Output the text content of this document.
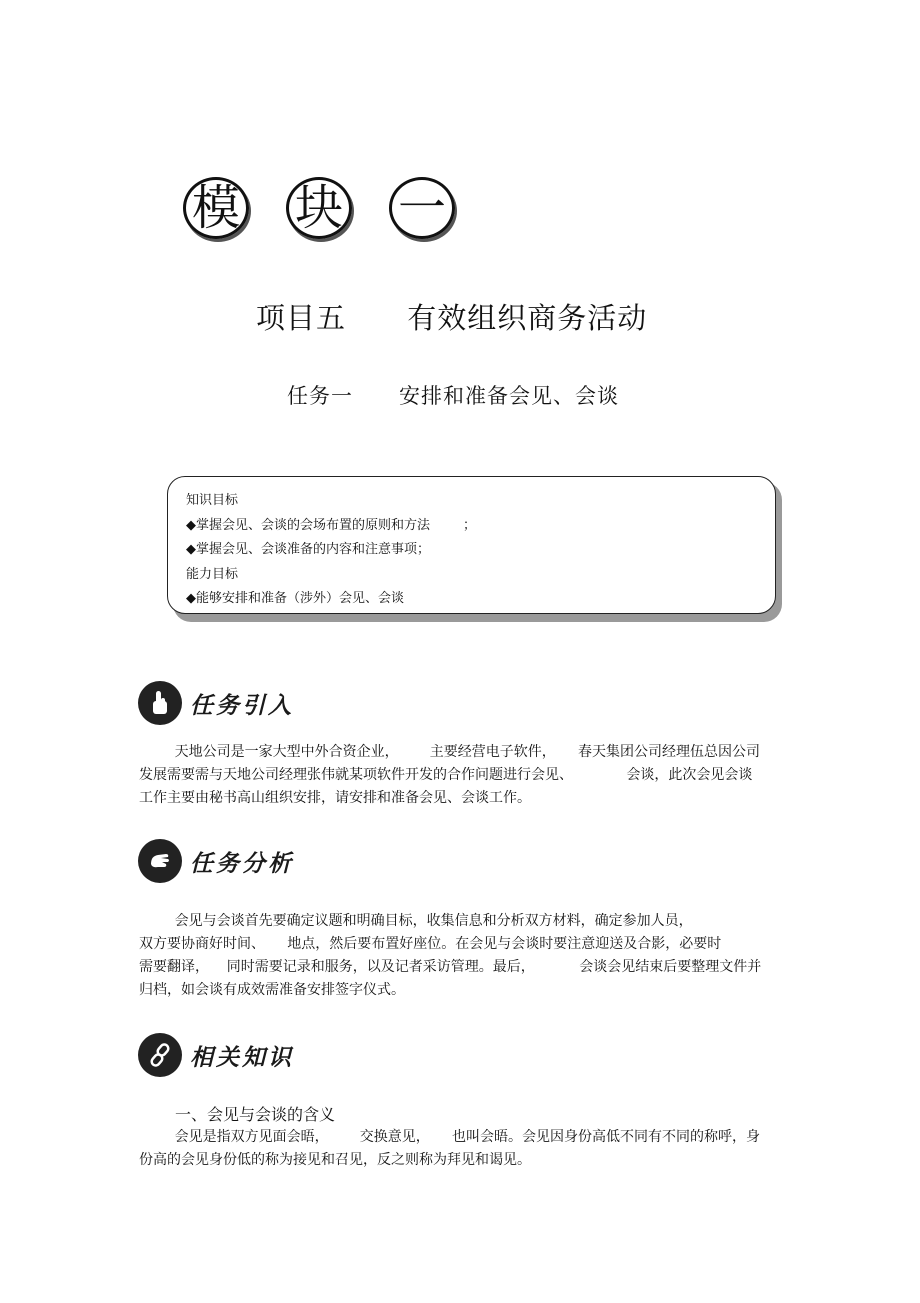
模 块 一
项目五      有效组织商务活动
任务一      安排和准备会见、会谈
知识目标
◆掌握会见、会谈的会场布置的原则和方法        ；
◆掌握会见、会谈准备的内容和注意事项；
能力目标
◆能够安排和准备（涉外）会见、会谈
任务引入
天地公司是一家大型中外合资企业，       主要经营电子软件，     春天集团公司经理伍总因公司
发展需要需与天地公司经理张伟就某项软件开发的合作问题进行会见、            会谈，此次会见会谈
工作主要由秘书高山组织安排，请安排和准备会见、会谈工作。
任务分析
会见与会谈首先要确定议题和明确目标，收集信息和分析双方材料，确定参加人员，
双方要协商好时间、     地点，然后要布置好座位。在会见与会谈时要注意迎送及合影，必要时
需要翻译，    同时需要记录和服务，以及记者采访管理。最后，          会谈会见结束后要整理文件并
归档，如会谈有成效需准备安排签字仪式。
相关知识
一、会见与会谈的含义
会见是指双方见面会晤，       交换意见，     也叫会晤。会见因身份高低不同有不同的称呼，身
份高的会见身份低的称为接见和召见，反之则称为拜见和谒见。
